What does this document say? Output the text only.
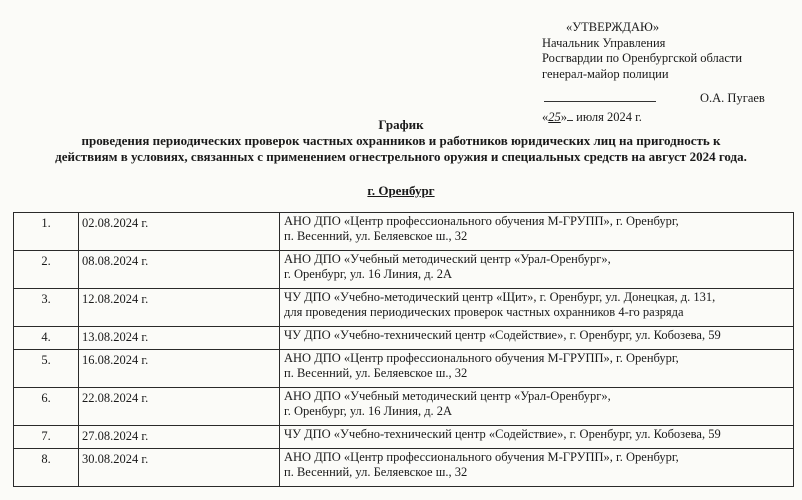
«УТВЕРЖДАЮ»
Начальник Управления
Росгвардии по Оренбургской области
генерал-майор полиции
О.А. Пугаев
«25» июля 2024 г.
График
проведения периодических проверок частных охранников и работников юридических лиц на пригодность к
действиям в условиях, связанных с применением огнестрельного оружия и специальных средств на август 2024 года.
г. Оренбург
1.	02.08.2024 г.	АНО ДПО «Центр профессионального обучения М-ГРУПП», г. Оренбург,
п. Весенний, ул. Беляевское ш., 32

2.	08.08.2024 г.	АНО ДПО «Учебный методический центр «Урал-Оренбург»,
г. Оренбург, ул. 16 Линия, д. 2А

3.	12.08.2024 г.	ЧУ ДПО «Учебно-методический центр «Щит», г. Оренбург, ул. Донецкая, д. 131,
для проведения периодических проверок частных охранников 4-го разряда

4.	13.08.2024 г.	ЧУ ДПО «Учебно-технический центр «Содействие», г. Оренбург, ул. Кобозева, 59

5.	16.08.2024 г.	АНО ДПО «Центр профессионального обучения М-ГРУПП», г. Оренбург,
п. Весенний, ул. Беляевское ш., 32

6.	22.08.2024 г.	АНО ДПО «Учебный методический центр «Урал-Оренбург»,
г. Оренбург, ул. 16 Линия, д. 2А

7.	27.08.2024 г.	ЧУ ДПО «Учебно-технический центр «Содействие», г. Оренбург, ул. Кобозева, 59

8.	30.08.2024 г.	АНО ДПО «Центр профессионального обучения М-ГРУПП», г. Оренбург,
п. Весенний, ул. Беляевское ш., 32
